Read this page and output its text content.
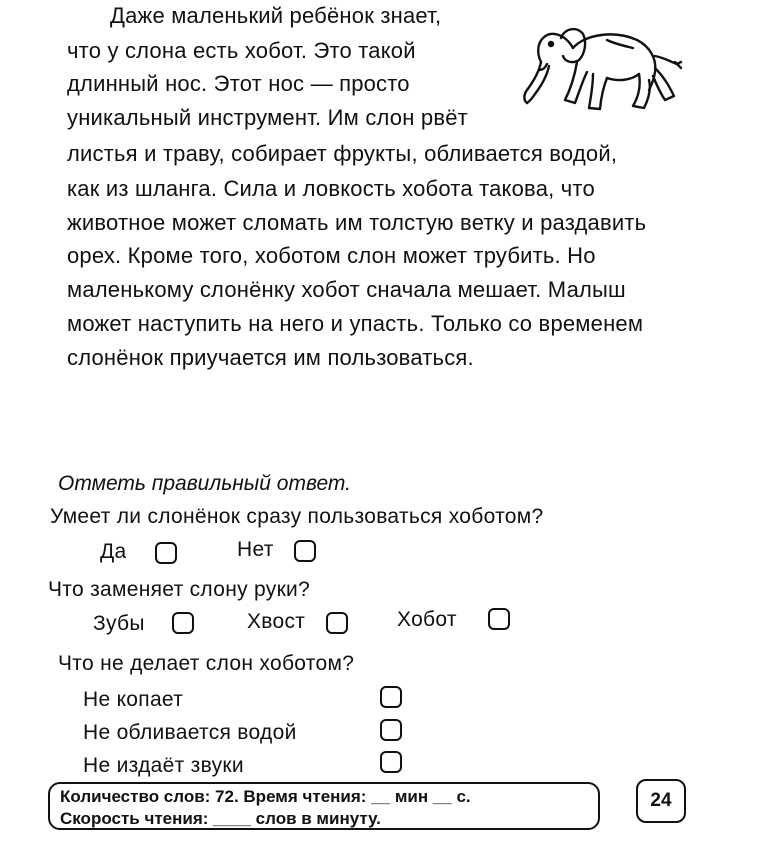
Даже маленький ребёнок знает,
что у слона есть хобот. Это такой
длинный нос. Этот нос — просто
уникальный инструмент. Им слон рвёт
листья и траву, собирает фрукты, обливается водой,
как из шланга. Сила и ловкость хобота такова, что
животное может сломать им толстую ветку и раздавить
орех. Кроме того, хоботом слон может трубить. Но
маленькому слонёнку хобот сначала мешает. Малыш
может наступить на него и упасть. Только со временем
слонёнок приучается им пользоваться.
Отметь правильный ответ.
Умеет ли слонёнок сразу пользоваться хоботом?
Да	Нет
Что заменяет слону руки?
Зубы	Хвост	Хобот
Что не делает слон хоботом?
Не копает
Не обливается водой
Не издаёт звуки
Количество слов: 72. Время чтения: __ мин __ с.
Скорость чтения: ____ слов в минуту.
24
